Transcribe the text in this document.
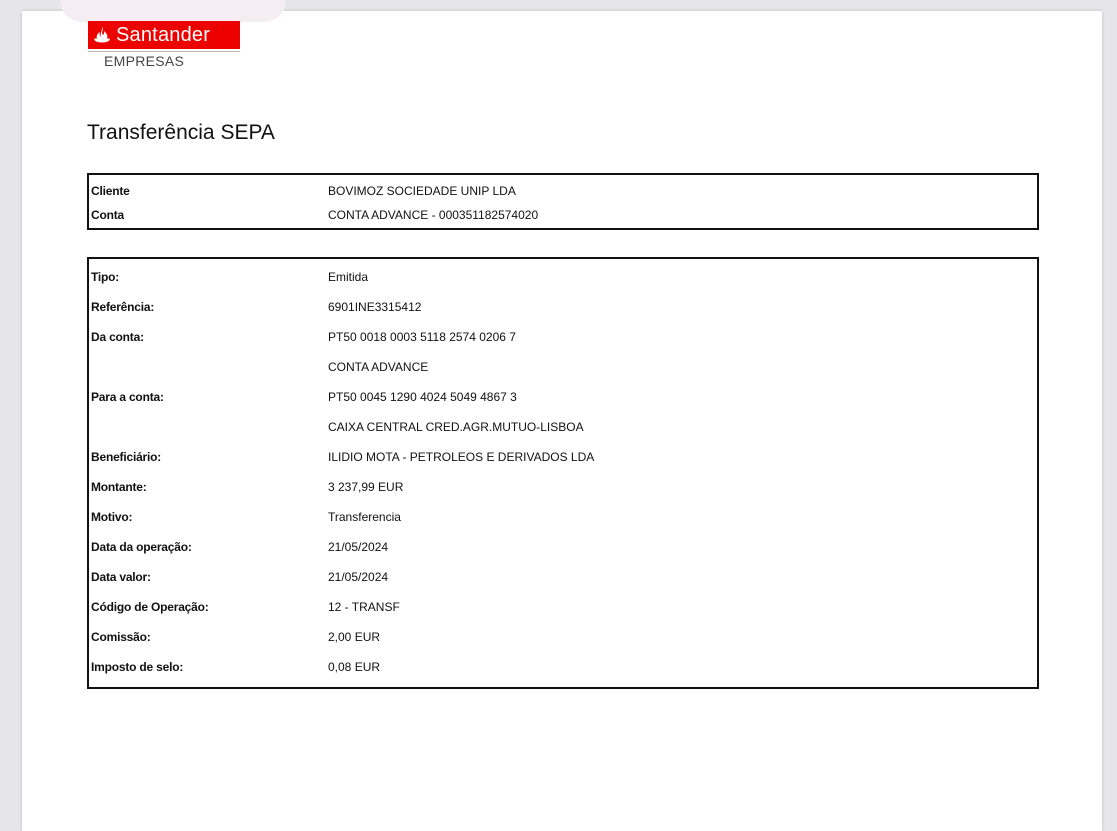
Santander
EMPRESAS
Transferência SEPA
Cliente	BOVIMOZ SOCIEDADE UNIP LDA
Conta	CONTA ADVANCE - 000351182574020
Tipo:	Emitida
Referência:	6901INE3315412
Da conta:	PT50 0018 0003 5118 2574 0206 7
CONTA ADVANCE
Para a conta:	PT50 0045 1290 4024 5049 4867 3
CAIXA CENTRAL CRED.AGR.MUTUO-LISBOA
Beneficiário:	ILIDIO MOTA - PETROLEOS E DERIVADOS LDA
Montante:	3 237,99 EUR
Motivo:	Transferencia
Data da operação:	21/05/2024
Data valor:	21/05/2024
Código de Operação:	12 - TRANSF
Comissão:	2,00 EUR
Imposto de selo:	0,08 EUR
